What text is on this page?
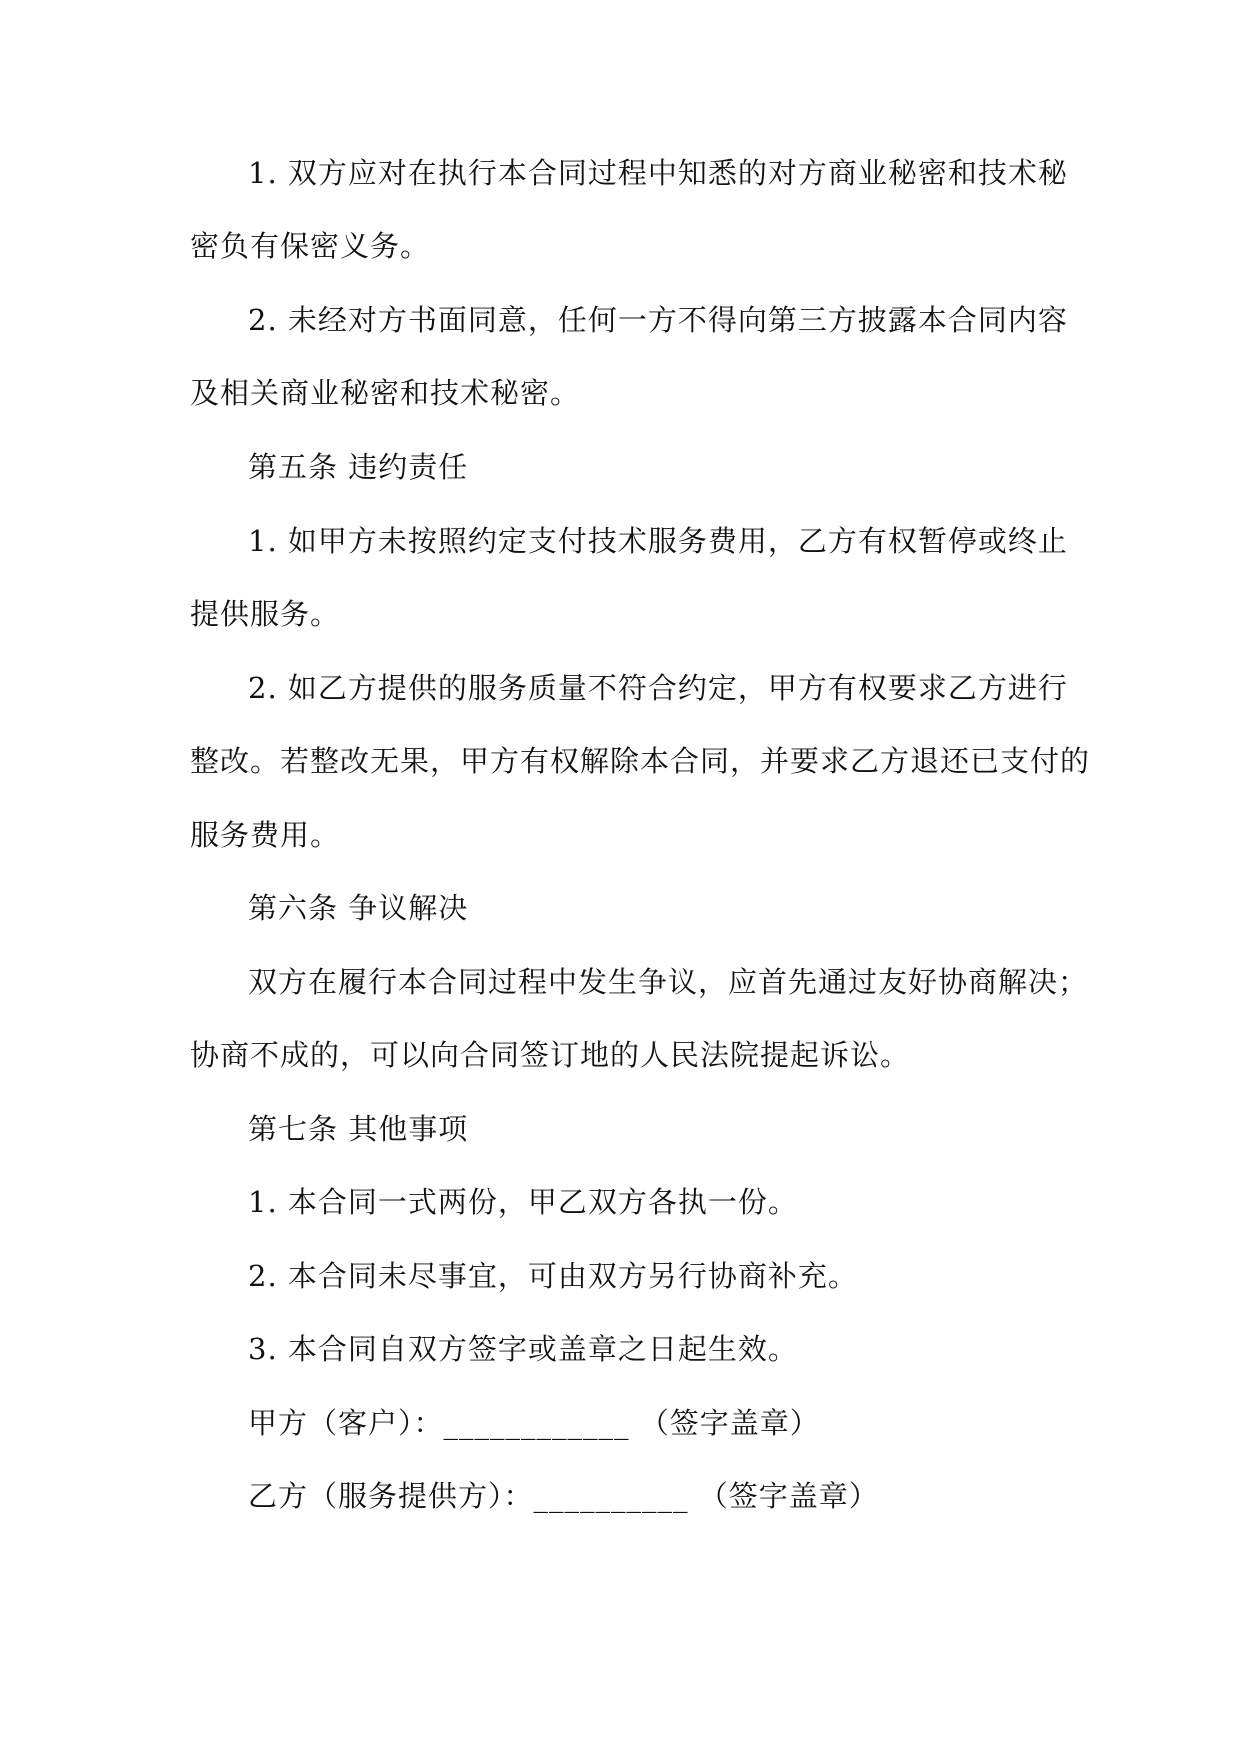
1. 双方应对在执行本合同过程中知悉的对方商业秘密和技术秘
密负有保密义务。
2. 未经对方书面同意，任何一方不得向第三方披露本合同内容
及相关商业秘密和技术秘密。
第五条 违约责任
1. 如甲方未按照约定支付技术服务费用，乙方有权暂停或终止
提供服务。
2. 如乙方提供的服务质量不符合约定，甲方有权要求乙方进行
整改。若整改无果，甲方有权解除本合同，并要求乙方退还已支付的
服务费用。
第六条 争议解决
双方在履行本合同过程中发生争议，应首先通过友好协商解决；
协商不成的，可以向合同签订地的人民法院提起诉讼。
第七条 其他事项
1. 本合同一式两份，甲乙双方各执一份。
2. 本合同未尽事宜，可由双方另行协商补充。
3. 本合同自双方签字或盖章之日起生效。
甲方（客户）：____________ （签字盖章）
乙方（服务提供方）：__________ （签字盖章）
